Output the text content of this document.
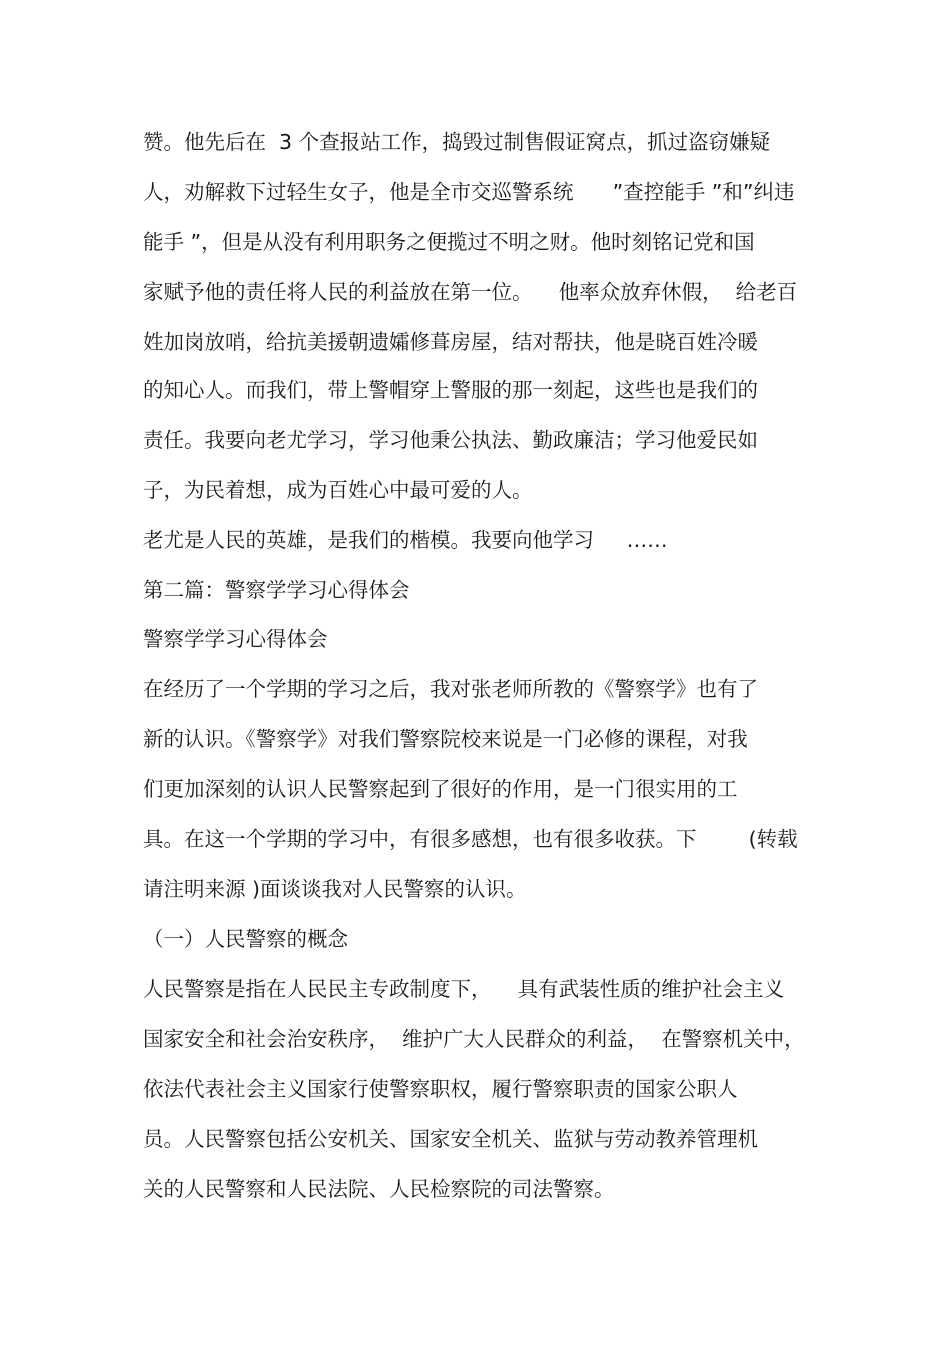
赞。他先后在  3 个查报站工作，捣毁过制售假证窝点，抓过盗窃嫌疑
人，劝解救下过轻生女子，他是全市交巡警系统      ”查控能手 ”和”纠违
能手 ”，但是从没有利用职务之便揽过不明之财。他时刻铭记党和国
家赋予他的责任将人民的利益放在第一位。    他率众放弃休假，  给老百
姓加岗放哨，给抗美援朝遗孀修葺房屋，结对帮扶，他是晓百姓冷暖
的知心人。而我们，带上警帽穿上警服的那一刻起，这些也是我们的
责任。我要向老尤学习，学习他秉公执法、勤政廉洁；学习他爱民如
子，为民着想，成为百姓心中最可爱的人。
老尤是人民的英雄，是我们的楷模。我要向他学习     ……
第二篇：警察学学习心得体会
警察学学习心得体会
在经历了一个学期的学习之后，我对张老师所教的《警察学》也有了
新的认识。《警察学》对我们警察院校来说是一门必修的课程，对我
们更加深刻的认识人民警察起到了很好的作用，是一门很实用的工
具。在这一个学期的学习中，有很多感想，也有很多收获。下        (转载
请注明来源 )面谈谈我对人民警察的认识。
（一）人民警察的概念
人民警察是指在人民民主专政制度下，    具有武装性质的维护社会主义
国家安全和社会治安秩序，  维护广大人民群众的利益，  在警察机关中，
依法代表社会主义国家行使警察职权，履行警察职责的国家公职人
员。人民警察包括公安机关、国家安全机关、监狱与劳动教养管理机
关的人民警察和人民法院、人民检察院的司法警察。
